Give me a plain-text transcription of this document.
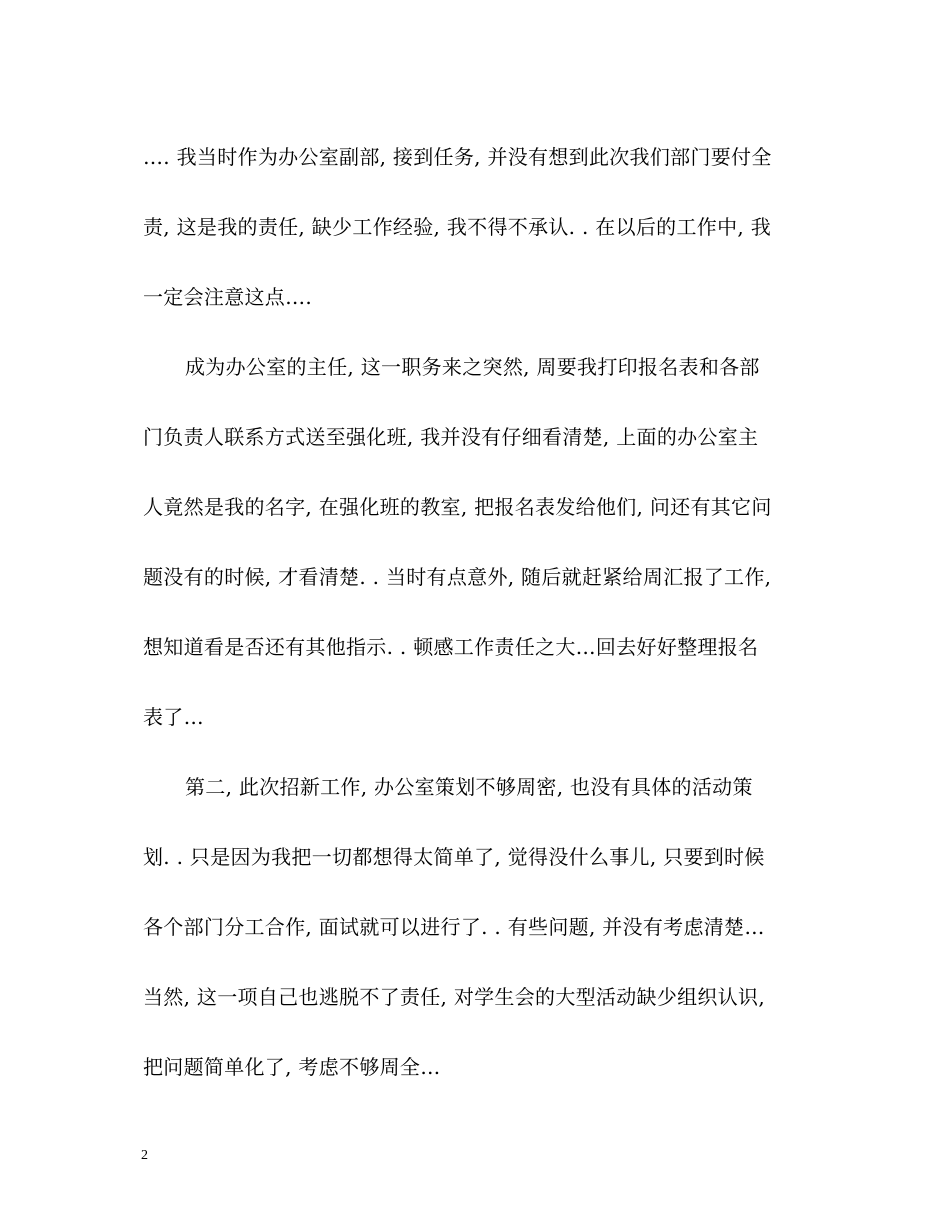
…. 我当时作为办公室副部, 接到任务, 并没有想到此次我们部门要付全
责, 这是我的责任, 缺少工作经验, 我不得不承认. . 在以后的工作中, 我
一定会注意这点….
成为办公室的主任, 这一职务来之突然, 周要我打印报名表和各部
门负责人联系方式送至强化班, 我并没有仔细看清楚, 上面的办公室主
人竟然是我的名字, 在强化班的教室, 把报名表发给他们, 问还有其它问
题没有的时候, 才看清楚. . 当时有点意外, 随后就赶紧给周汇报了工作,
想知道看是否还有其他指示. . 顿感工作责任之大…回去好好整理报名
表了…
第二, 此次招新工作, 办公室策划不够周密, 也没有具体的活动策
划. . 只是因为我把一切都想得太简单了, 觉得没什么事儿, 只要到时候
各个部门分工合作, 面试就可以进行了. . 有些问题, 并没有考虑清楚…
当然, 这一项自己也逃脱不了责任, 对学生会的大型活动缺少组织认识,
把问题简单化了, 考虑不够周全…
2
